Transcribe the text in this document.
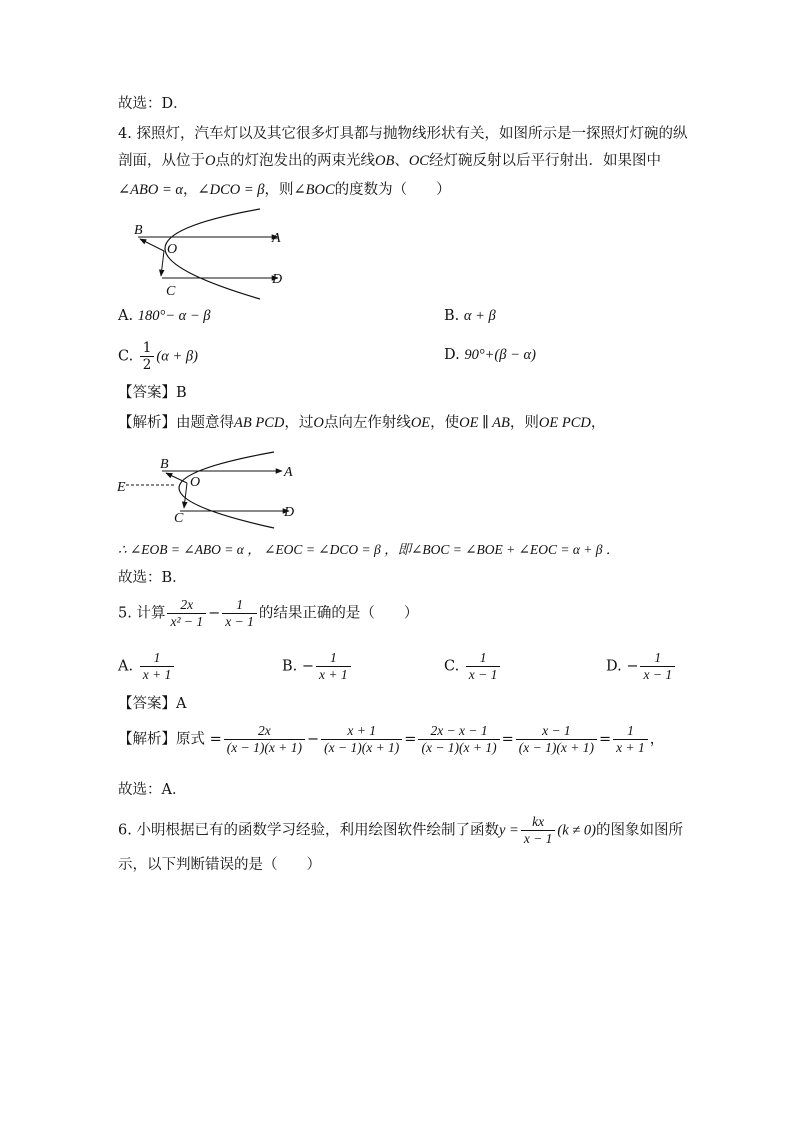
故选：D．
4. 探照灯，汽车灯以及其它很多灯具都与抛物线形状有关，如图所示是一探照灯灯碗的纵
剖面，从位于O点的灯泡发出的两束光线OB、OC经灯碗反射以后平行射出．如果图中
∠ABO = α，∠DCO = β，则∠BOC的度数为（　　）
B
O
A
C
D
A. 180°− α − β	B. α + β
C. $\frac{1}{2} (\alpha + \beta)$	D. 90°+(β − α)
【答案】B
【解析】由题意得AB PCD，过O点向左作射线OE，使OE ∥ AB，则OE PCD，
E
B
O
A
C	D
∴ ∠EOB = ∠ABO = α ， ∠EOC = ∠DCO = β ，即∠BOC = ∠BOE + ∠EOC = α + β ．
故选：B．
5. 计算 $\frac{2x}{\text{x² − 1}} - \frac{1}{x - 1}$ 的结果正确的是（　　）
A. $\frac{1}{x + 1}$	B. − $\frac{1}{x + 1}$	C. $\frac{1}{x - 1}$	D. − $\frac{1}{x - 1}$
【答案】A
【解析】原式 = $\frac{2x}{(x - 1)(x + 1)} - \frac{x + 1}{(x - 1)(x + 1)} = \frac{2x - x - 1}{(x - 1)(x + 1)} = \frac{x - 1}{(x - 1)(x + 1)} = \frac{1}{x + 1}$ ，
故选：A．
6. 小明根据已有的函数学习经验，利用绘图软件绘制了函数$y = \frac{kx}{x - 1} (k \ne 0)$的图象如图所
示，以下判断错误的是（　　）
